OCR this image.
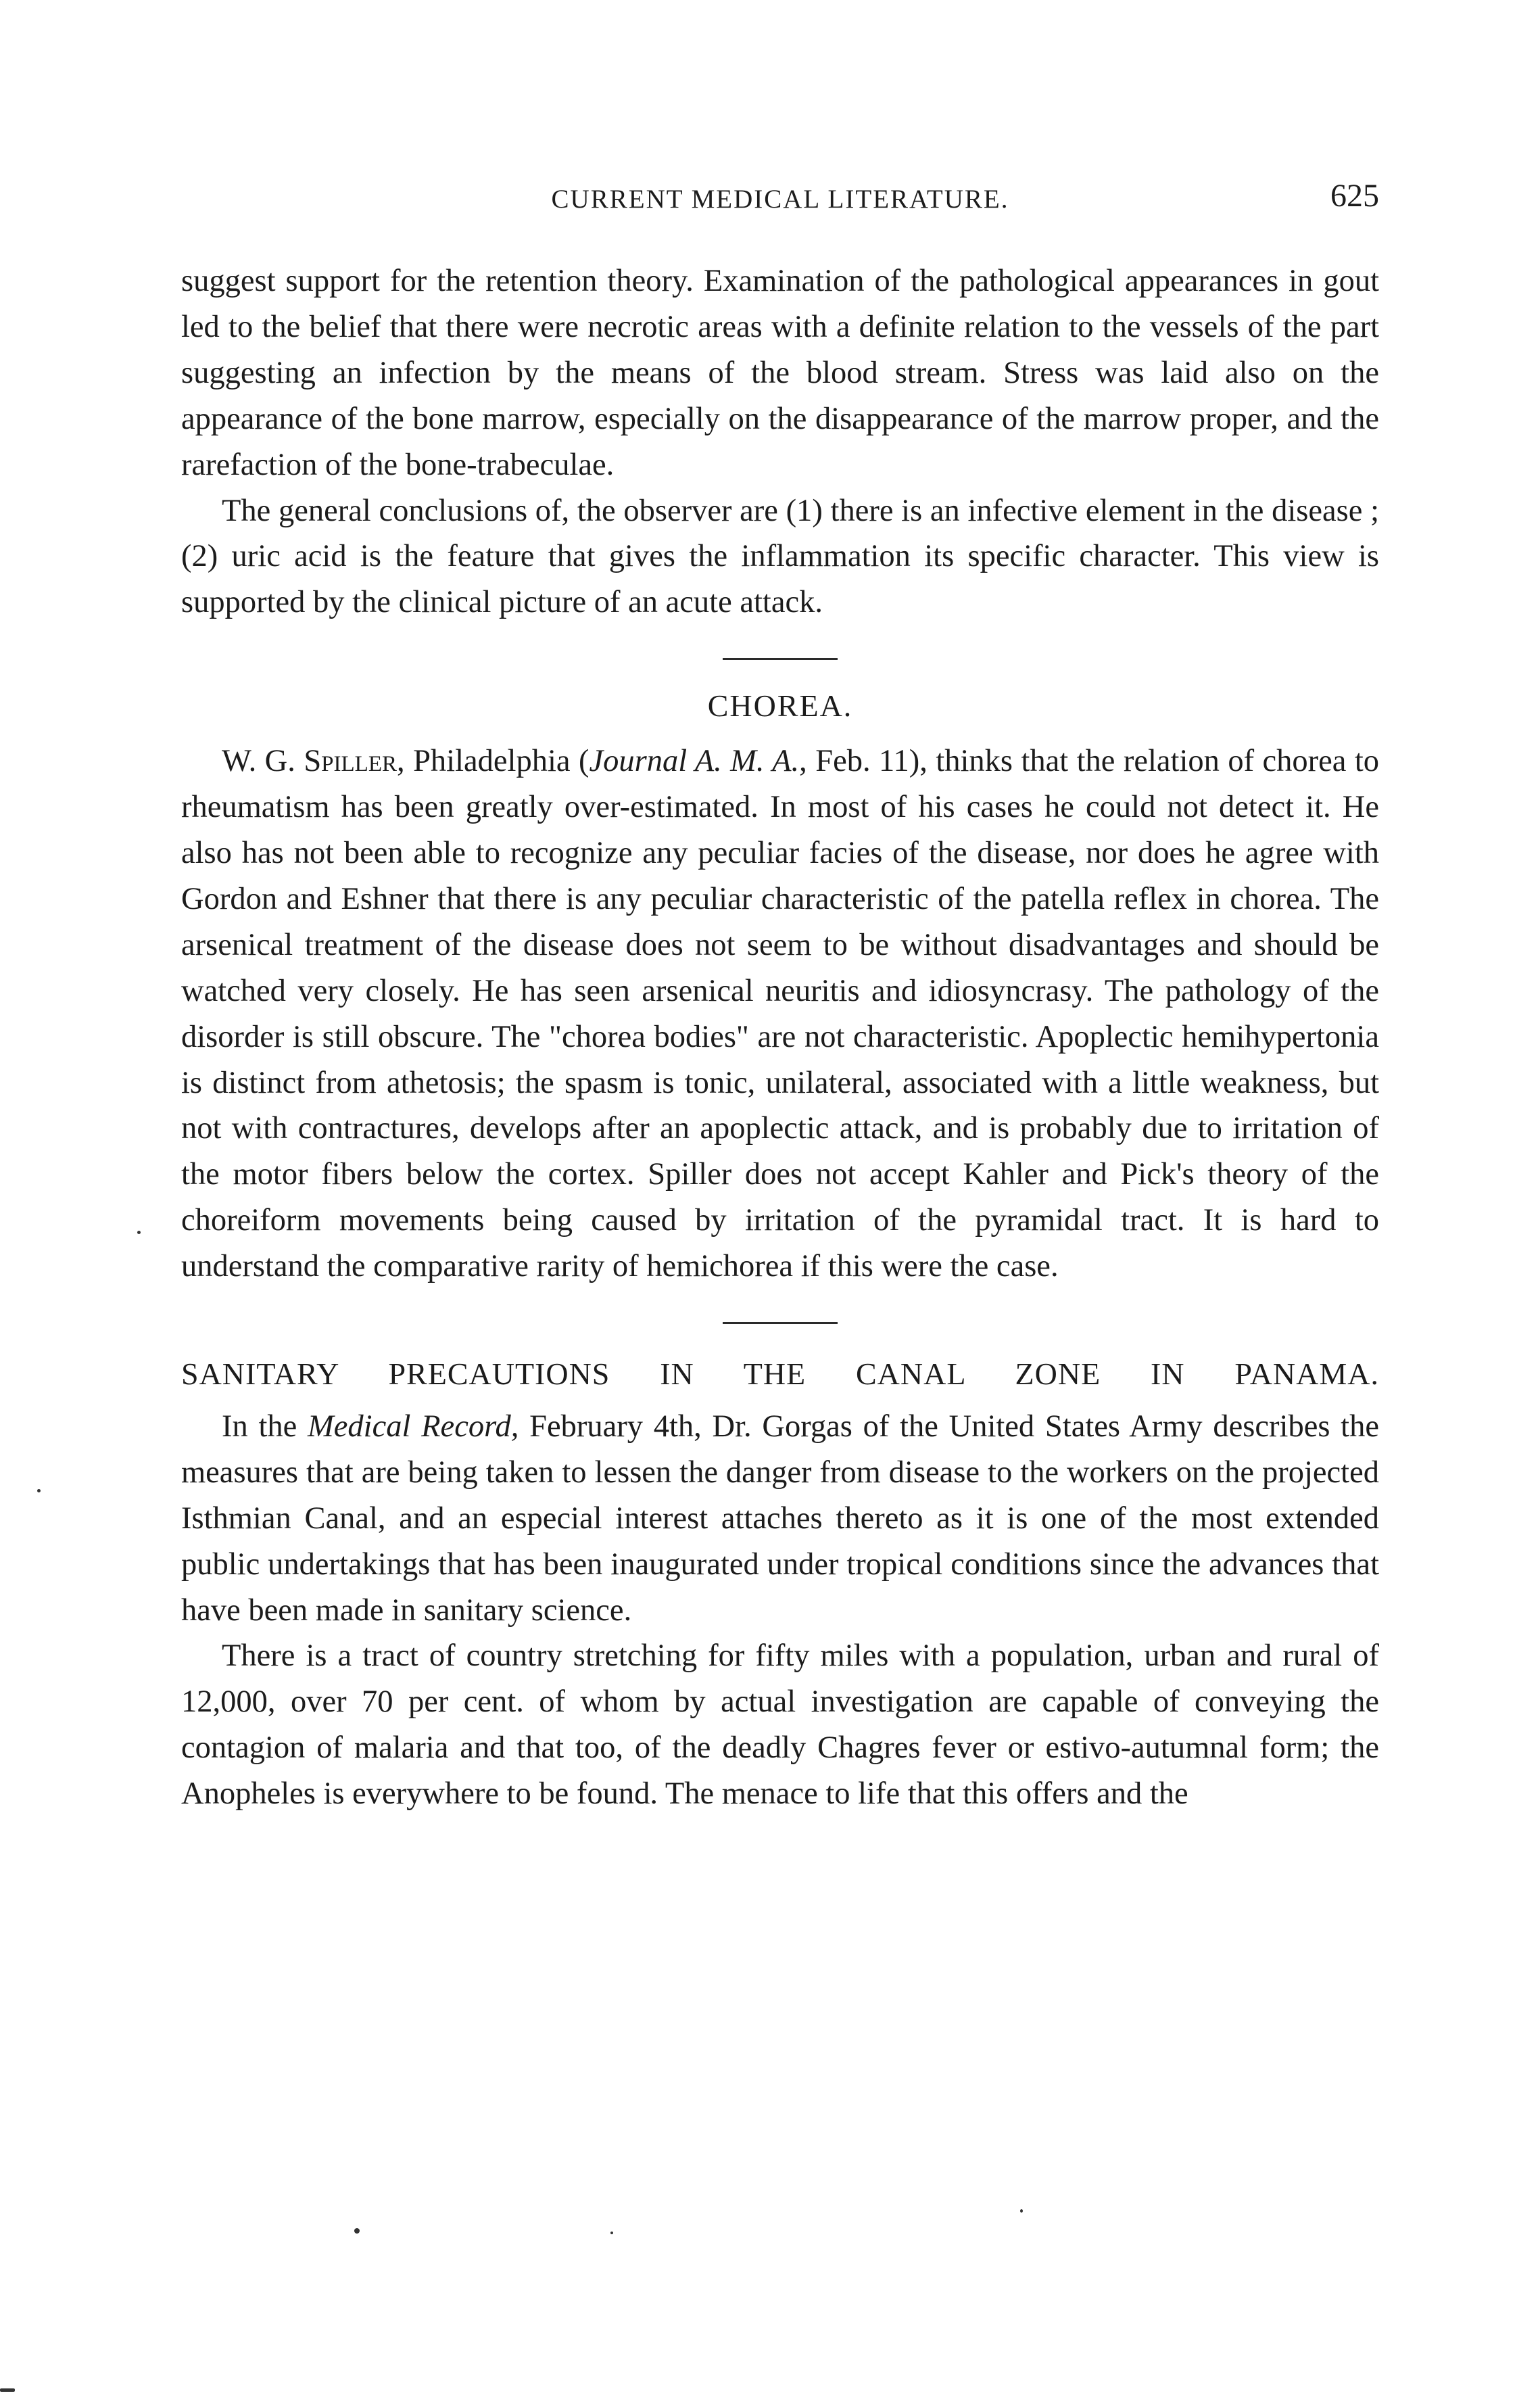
CURRENT MEDICAL LITERATURE.	625

suggest support for the retention theory. Examination of the pathological appearances in gout led to the belief that there were necrotic areas with a definite relation to the vessels of the part suggesting an infection by the means of the blood stream. Stress was laid also on the appearance of the bone marrow, especially on the disappearance of the marrow proper, and the rarefaction of the bone-trabeculae.

The general conclusions of, the observer are (1) there is an infective element in the disease ;(2) uric acid is the feature that gives the inflammation its specific character. This view is supported by the clinical picture of an acute attack.

CHOREA.

W. G. Spiller, Philadelphia (Journal A. M. A., Feb. 11), thinks that the relation of chorea to rheumatism has been greatly over-estimated. In most of his cases he could not detect it. He also has not been able to recognize any peculiar facies of the disease, nor does he agree with Gordon and Eshner that there is any peculiar characteristic of the patella reflex in chorea. The arsenical treatment of the disease does not seem to be without disadvantages and should be watched very closely. He has seen arsenical neuritis and idiosyncrasy. The pathology of the disorder is still obscure. The "chorea bodies" are not characteristic. Apoplectic hemihypertonia is distinct from athetosis; the spasm is tonic, unilateral, associated with a little weakness, but not with contractures, develops after an apoplectic attack, and is probably due to irritation of the motor fibers below the cortex. Spiller does not accept Kahler and Pick's theory of the choreiform movements being caused by irritation of the pyramidal tract. It is hard to understand the comparative rarity of hemichorea if this were the case.

SANITARY PRECAUTIONS IN THE CANAL ZONE IN PANAMA.

In the Medical Record, February 4th, Dr. Gorgas of the United States Army describes the measures that are being taken to lessen the danger from disease to the workers on the projected Isthmian Canal, and an especial interest attaches thereto as it is one of the most extended public undertakings that has been inaugurated under tropical conditions since the advances that have been made in sanitary science.

There is a tract of country stretching for fifty miles with a population, urban and rural of 12,000, over 70 per cent. of whom by actual investigation are capable of conveying the contagion of malaria and that too, of the deadly Chagres fever or estivo-autumnal form; the Anopheles is everywhere to be found. The menace to life that this offers and the
